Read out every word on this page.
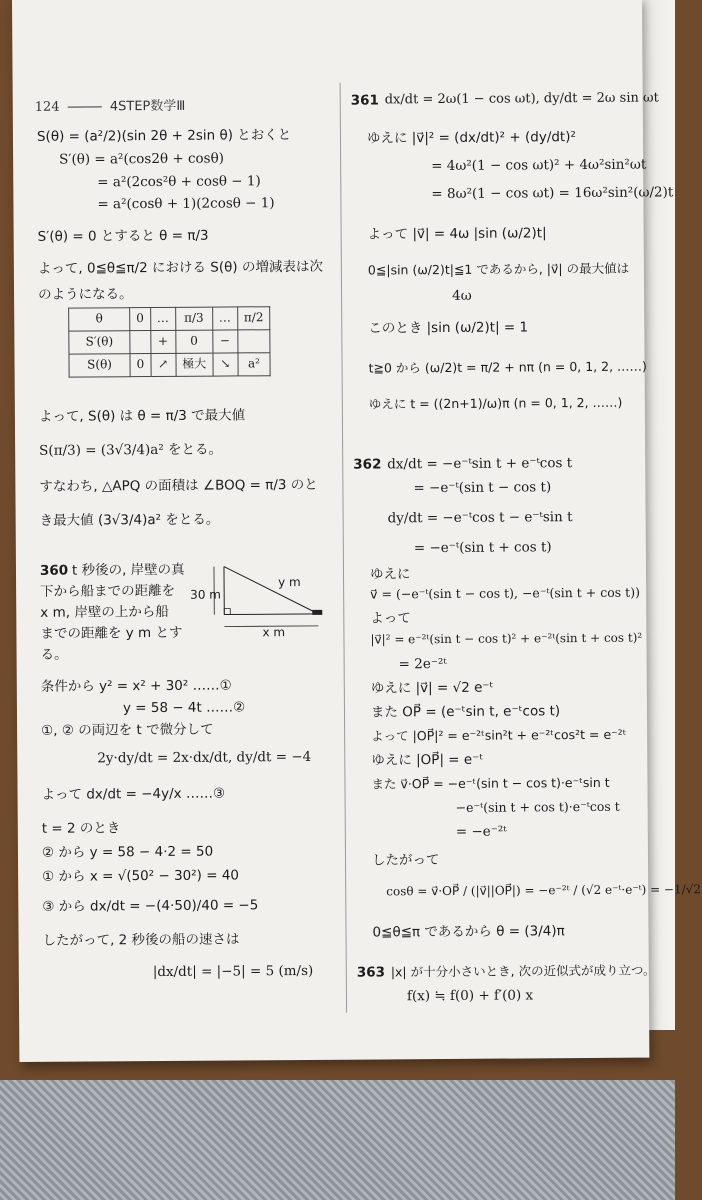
124	4STEP数学Ⅲ
S(θ) = (a²/2)(sin 2θ + 2sin θ) とおくと
S′(θ) = a²(cos2θ + cosθ)
= a²(2cos²θ + cosθ − 1)
= a²(cosθ + 1)(2cosθ − 1)
S′(θ) = 0 とすると θ = π/3
よって, 0≦θ≦π/2 における S(θ) の増減表は次
のようになる。
θ	0	…	π/3	…	π/2
S′(θ)		+	0	−	
S(θ)	0	↗	極大	↘	a²
よって, S(θ) は θ = π/3 で最大値
S(π/3) = (3√3/4)a² をとる。
すなわち, △APQ の面積は ∠BOQ = π/3 のと
き最大値 (3√3/4)a² をとる。
360 t 秒後の, 岸壁の真
下から船までの距離を
x m, 岸壁の上から船
までの距離を y m とす
る。
y m
30 m
x m
条件から y² = x² + 30² ……①
y = 58 − 4t ……②
①, ② の両辺を t で微分して
2y·dy/dt = 2x·dx/dt, dy/dt = −4
よって dx/dt = −4y/x ……③
t = 2 のとき
② から y = 58 − 4·2 = 50
① から x = √(50² − 30²) = 40
③ から dx/dt = −(4·50)/40 = −5
したがって, 2 秒後の船の速さは
|dx/dt| = |−5| = 5 (m/s)
361 dx/dt = 2ω(1 − cos ωt), dy/dt = 2ω sin ωt
ゆえに |v⃗|² = (dx/dt)² + (dy/dt)²
= 4ω²(1 − cos ωt)² + 4ω²sin²ωt
= 8ω²(1 − cos ωt) = 16ω²sin²(ω/2)t
よって |v⃗| = 4ω |sin (ω/2)t|
0≦|sin (ω/2)t|≦1 であるから, |v⃗| の最大値は
4ω
このとき |sin (ω/2)t| = 1
t≧0 から (ω/2)t = π/2 + nπ (n = 0, 1, 2, ……)
ゆえに t = ((2n+1)/ω)π (n = 0, 1, 2, ……)
362 dx/dt = −e⁻ᵗsin t + e⁻ᵗcos t
= −e⁻ᵗ(sin t − cos t)
dy/dt = −e⁻ᵗcos t − e⁻ᵗsin t
= −e⁻ᵗ(sin t + cos t)
ゆえに
v⃗ = (−e⁻ᵗ(sin t − cos t), −e⁻ᵗ(sin t + cos t))
よって
|v⃗|² = e⁻²ᵗ(sin t − cos t)² + e⁻²ᵗ(sin t + cos t)²
= 2e⁻²ᵗ
ゆえに |v⃗| = √2 e⁻ᵗ
また OP⃗ = (e⁻ᵗsin t, e⁻ᵗcos t)
よって |OP⃗|² = e⁻²ᵗsin²t + e⁻²ᵗcos²t = e⁻²ᵗ
ゆえに |OP⃗| = e⁻ᵗ
また v⃗·OP⃗ = −e⁻ᵗ(sin t − cos t)·e⁻ᵗsin t
−e⁻ᵗ(sin t + cos t)·e⁻ᵗcos t
= −e⁻²ᵗ
したがって
cosθ = v⃗·OP⃗ / (|v⃗||OP⃗|) = −e⁻²ᵗ / (√2 e⁻ᵗ·e⁻ᵗ) = −1/√2
0≦θ≦π であるから θ = (3/4)π
363 |x| が十分小さいとき, 次の近似式が成り立つ。
f(x) ≒ f(0) + f′(0) x
